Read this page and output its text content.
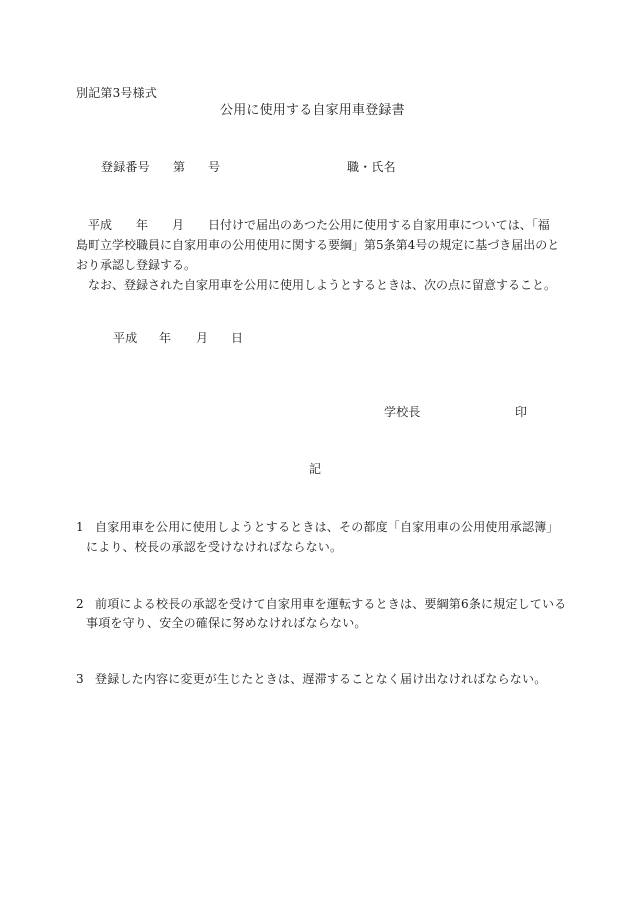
別記第3号様式
公用に使用する自家用車登録書
登録番号 第 号	職・氏名
平成　　年　　月　　日付けで届出のあつた公用に使用する自家用車については、「福
島町立学校職員に自家用車の公用使用に関する要綱」第5条第4号の規定に基づき届出のと
おり承認し登録する。
　なお、登録された自家用車を公用に使用しようとするときは、次の点に留意すること。
平成 年 月 日
学校長	印
記
1 自家用車を公用に使用しようとするときは、その都度「自家用車の公用使用承認簿」
により、校長の承認を受けなければならない。
2 前項による校長の承認を受けて自家用車を運転するときは、要綱第6条に規定している
事項を守り、安全の確保に努めなければならない。
3 登録した内容に変更が生じたときは、遅滞することなく届け出なければならない。
